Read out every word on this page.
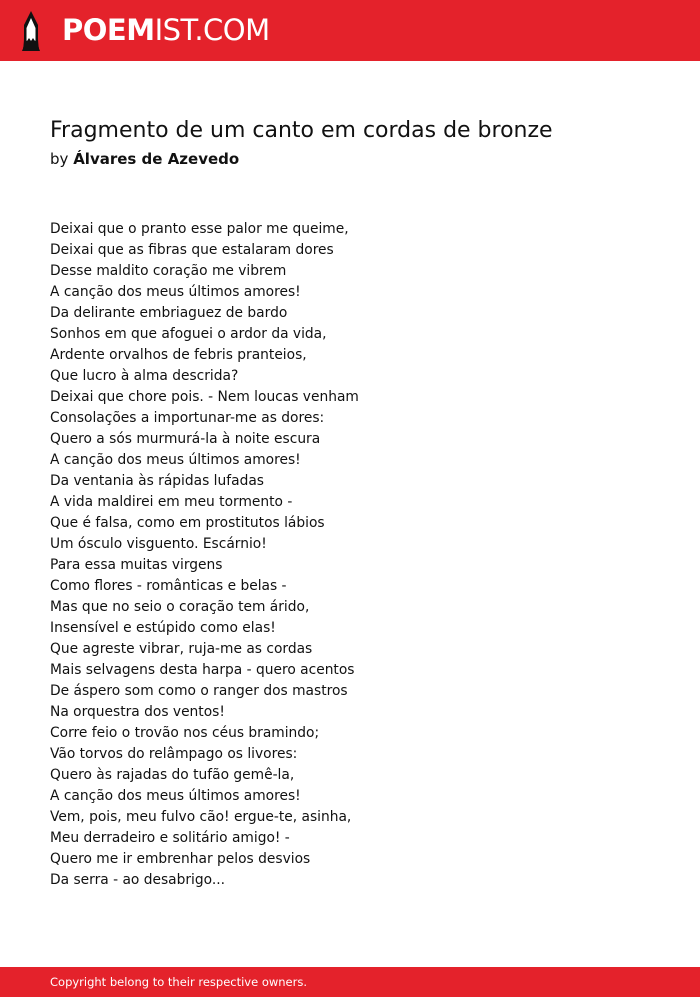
POEMIST.COM
Fragmento de um canto em cordas de bronze
by Álvares de Azevedo
Deixai que o pranto esse palor me queime,
Deixai que as fibras que estalaram dores
Desse maldito coração me vibrem
A canção dos meus últimos amores!
Da delirante embriaguez de bardo
Sonhos em que afoguei o ardor da vida,
Ardente orvalhos de febris pranteios,
Que lucro à alma descrida?
Deixai que chore pois. - Nem loucas venham
Consolações a importunar-me as dores:
Quero a sós murmurá-la à noite escura
A canção dos meus últimos amores!
Da ventania às rápidas lufadas
A vida maldirei em meu tormento -
Que é falsa, como em prostitutos lábios
Um ósculo visguento. Escárnio!
Para essa muitas virgens
Como flores - românticas e belas -
Mas que no seio o coração tem árido,
Insensível e estúpido como elas!
Que agreste vibrar, ruja-me as cordas
Mais selvagens desta harpa - quero acentos
De áspero som como o ranger dos mastros
Na orquestra dos ventos!
Corre feio o trovão nos céus bramindo;
Vão torvos do relâmpago os livores:
Quero às rajadas do tufão gemê-la,
A canção dos meus últimos amores!
Vem, pois, meu fulvo cão! ergue-te, asinha,
Meu derradeiro e solitário amigo! -
Quero me ir embrenhar pelos desvios
Da serra - ao desabrigo...
Copyright belong to their respective owners.
